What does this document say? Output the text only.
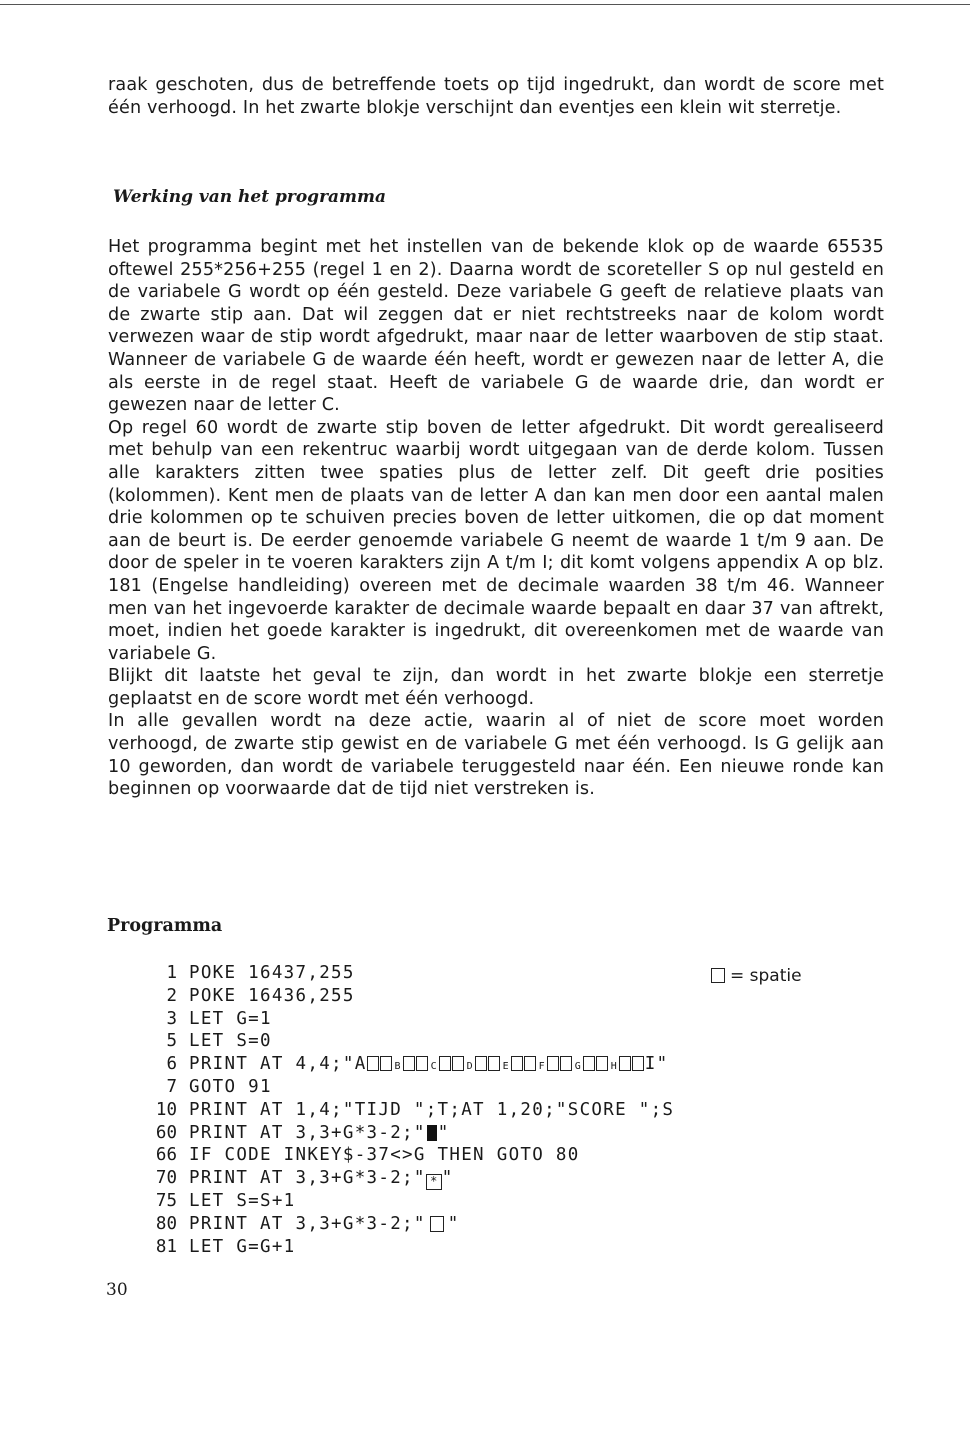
raak geschoten, dus de betreffende toets op tijd ingedrukt, dan wordt de score met één verhoogd. In het zwarte blokje verschijnt dan eventjes een klein wit sterretje.

Werking van het programma

Het programma begint met het instellen van de bekende klok op de waarde 65535 oftewel 255*256+255 (regel 1 en 2). Daarna wordt de scoreteller S op nul gesteld en de variabele G wordt op één gesteld. Deze variabele G geeft de relatieve plaats van de zwarte stip aan. Dat wil zeggen dat er niet rechtstreeks naar de kolom wordt verwezen waar de stip wordt afgedrukt, maar naar de letter waarboven de stip staat. Wanneer de variabele G de waarde één heeft, wordt er gewezen naar de letter A, die als eerste in de regel staat. Heeft de variabele G de waarde drie, dan wordt er gewezen naar de letter C.

Op regel 60 wordt de zwarte stip boven de letter afgedrukt. Dit wordt gerealiseerd met behulp van een rekentruc waarbij wordt uitgegaan van de derde kolom. Tussen alle karakters zitten twee spaties plus de letter zelf. Dit geeft drie posities (kolommen). Kent men de plaats van de letter A dan kan men door een aantal malen drie kolommen op te schuiven precies boven de letter uitkomen, die op dat moment aan de beurt is. De eerder genoemde variabele G neemt de waarde 1 t/m 9 aan. De door de speler in te voeren karakters zijn A t/m I; dit komt volgens appendix A op blz. 181 (Engelse handleiding) overeen met de decimale waarden 38 t/m 46. Wanneer men van het ingevoerde karakter de decimale waarde bepaalt en daar 37 van aftrekt, moet, indien het goede karakter is ingedrukt, dit overeenkomen met de waarde van variabele G.

Blijkt dit laatste het geval te zijn, dan wordt in het zwarte blokje een sterretje geplaatst en de score wordt met één verhoogd.

In alle gevallen wordt na deze actie, waarin al of niet de score moet worden verhoogd, de zwarte stip gewist en de variabele G met één verhoogd. Is G gelijk aan 10 geworden, dan wordt de variabele teruggesteld naar één. Een nieuwe ronde kan beginnen op voorwaarde dat de tijd niet verstreken is.

Programma
= spatie
1 POKE 16437,255
2 POKE 16436,255
3 LET G=1
5 LET S=0
6 PRINT AT 4,4;"A	B	C	D	E	F	G	H I"
7 GOTO 91
10 PRINT AT 1,4;"TIJD ";T;AT 1,20;"SCORE ";S
60 PRINT AT 3,3+G*3-2;" "
66 IF CODE INKEY$-37<>G THEN GOTO 80
70 PRINT AT 3,3+G*3-2;" * "
75 LET S=S+1
80 PRINT AT 3,3+G*3-2;" "
81 LET G=G+1
30
